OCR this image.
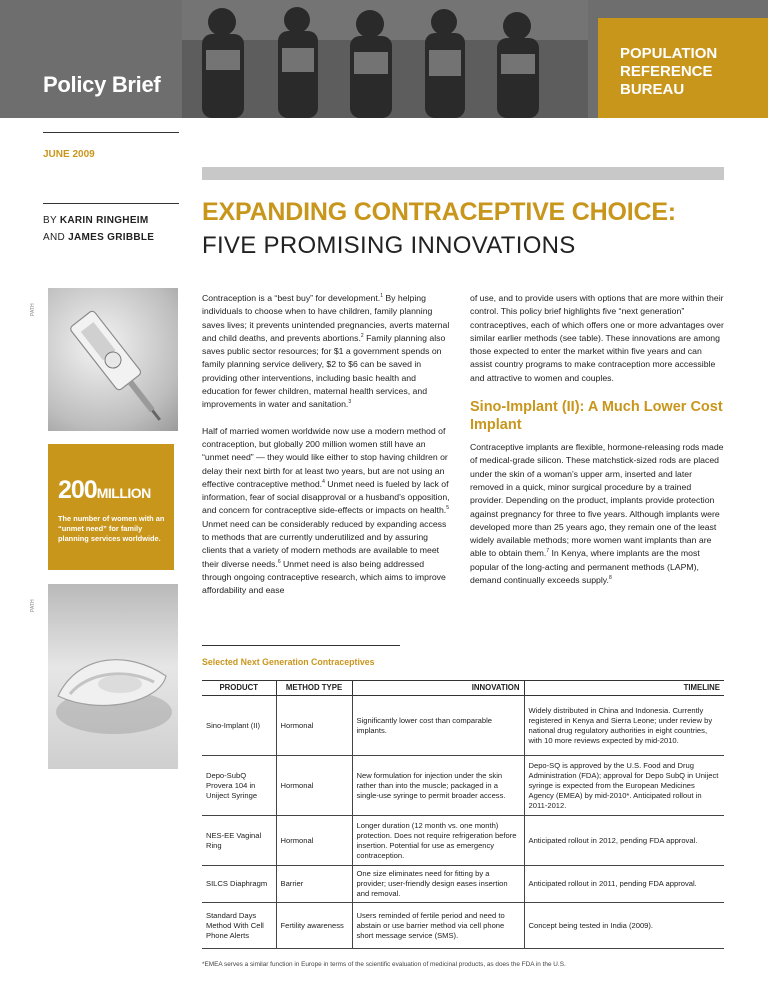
Policy Brief
POPULATION
REFERENCE
BUREAU
JUNE 2009
BY KARIN RINGHEIM
AND JAMES GRIBBLE
PATH
200MILLION
The number of women with an “unmet need” for family planning services worldwide.
PATH
EXPANDING CONTRACEPTIVE CHOICE:
FIVE PROMISING INNOVATIONS

Contraception is a “best buy” for development.$^1$ By helping individuals to choose when to have children, family planning saves lives; it prevents unintended pregnancies, averts maternal and child deaths, and prevents abortions.$^2$ Family planning also saves public sector resources; for $1 a government spends on family planning service delivery, $2 to $6 can be saved in providing other interventions, including basic health and education for fewer children, maternal health services, and improvements in water and sanitation.$^3$

Half of married women worldwide now use a modern method of contraception, but globally 200 million women still have an “unmet need” — they would like either to stop having children or delay their next birth for at least two years, but are not using an effective contraceptive method.$^4$ Unmet need is fueled by lack of information, fear of social disapproval or a husband’s opposition, and concern for contraceptive side-effects or impacts on health.$^5$ Unmet need can be considerably reduced by expanding access to methods that are currently underutilized and by assuring clients that a variety of modern methods are available to meet their diverse needs.$^6$ Unmet need is also being addressed through ongoing contraceptive research, which aims to improve affordability and ease

of use, and to provide users with options that are more within their control. This policy brief highlights five “next generation” contraceptives, each of which offers one or more advantages over similar earlier methods (see table). These innovations are among those expected to enter the market within five years and can assist country programs to make contraception more accessible and attractive to women and couples.

Sino-Implant (II): A Much Lower Cost Implant

Contraceptive implants are flexible, hormone-releasing rods made of medical-grade silicon. These matchstick-sized rods are placed under the skin of a woman’s upper arm, inserted and later removed in a quick, minor surgical procedure by a trained provider. Depending on the product, implants provide protection against pregnancy for three to five years. Although implants were developed more than 25 years ago, they remain one of the least widely available methods; more women want implants than are able to obtain them.$^7$ In Kenya, where implants are the most popular of the long-acting and permanent methods (LAPM), demand continually exceeds supply.$^8$

Selected Next Generation Contraceptives
PRODUCT	METHOD TYPE	INNOVATION	TIMELINE
Sino-Implant (II)	Hormonal	Significantly lower cost than comparable implants.	Widely distributed in China and Indonesia. Currently registered in Kenya and Sierra Leone; under review by national drug regulatory authorities in eight countries, with 10 more reviews expected by mid-2010.
Depo-SubQ Provera 104 in Uniject Syringe	Hormonal	New formulation for injection under the skin rather than into the muscle; packaged in a single-use syringe to permit broader access.	Depo-SQ is approved by the U.S. Food and Drug Administration (FDA); approval for Depo SubQ in Uniject syringe is expected from the European Medicines Agency (EMEA) by mid-2010*. Anticipated rollout in 2011-2012.
NES-EE Vaginal Ring	Hormonal	Longer duration (12 month vs. one month) protection. Does not require refrigeration before insertion. Potential for use as emergency contraception.	Anticipated rollout in 2012, pending FDA approval.
SILCS Diaphragm	Barrier	One size eliminates need for fitting by a provider; user-friendly design eases insertion and removal.	Anticipated rollout in 2011, pending FDA approval.
Standard Days Method With Cell Phone Alerts	Fertility awareness	Users reminded of fertile period and need to abstain or use barrier method via cell phone short message service (SMS).	Concept being tested in India (2009).
*EMEA serves a similar function in Europe in terms of the scientific evaluation of medicinal products, as does the FDA in the U.S.
